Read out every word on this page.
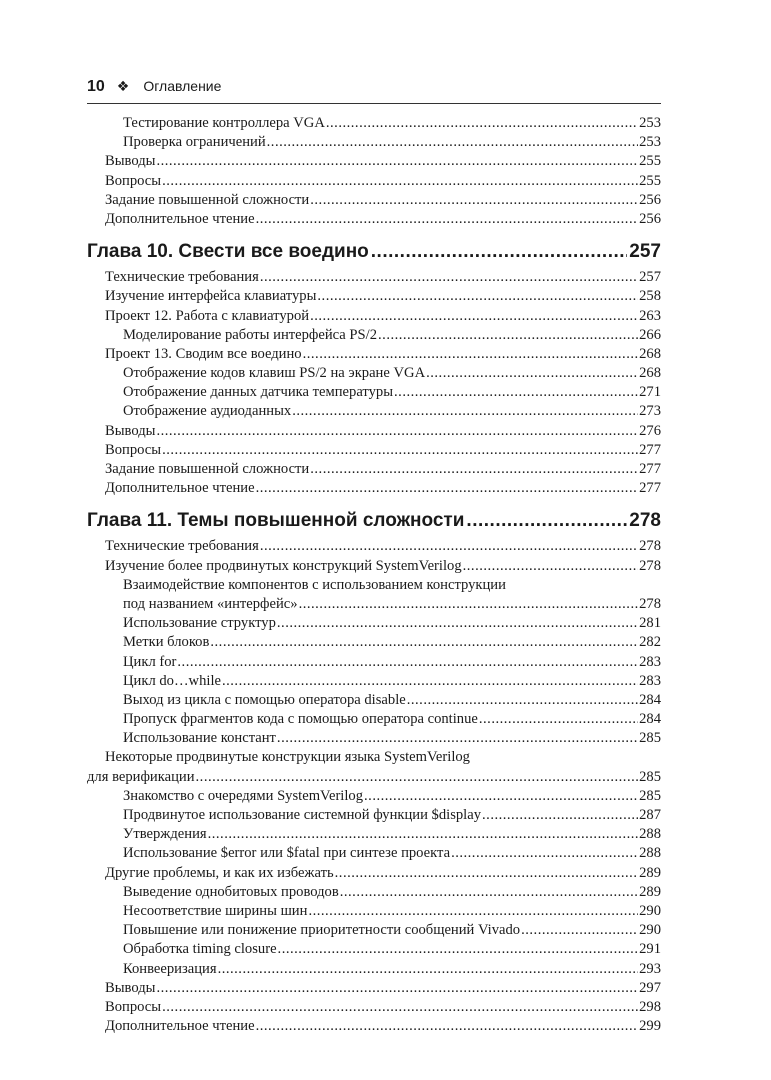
10 ❖ Оглавление
Тестирование контроллера VGA .....	253
Проверка ограничений .....	253
Выводы .....	255
Вопросы .....	255
Задание повышенной сложности .....	256
Дополнительное чтение .....	256
Глава 10. Свести все воедино .....	257
Технические требования .....	257
Изучение интерфейса клавиатуры .....	258
Проект 12. Работа с клавиатурой .....	263
Моделирование работы интерфейса PS/2 .....	266
Проект 13. Сводим все воедино .....	268
Отображение кодов клавиш PS/2 на экране VGA .....	268
Отображение данных датчика температуры .....	271
Отображение аудиоданных .....	273
Выводы .....	276
Вопросы .....	277
Задание повышенной сложности .....	277
Дополнительное чтение .....	277
Глава 11. Темы повышенной сложности .....	278
Технические требования .....	278
Изучение более продвинутых конструкций SystemVerilog .....	278
Взаимодействие компонентов с использованием конструкции
под названием «интерфейс» .....	278
Использование структур .....	281
Метки блоков .....	282
Цикл for .....	283
Цикл do…while .....	283
Выход из цикла с помощью оператора disable .....	284
Пропуск фрагментов кода с помощью оператора continue .....	284
Использование констант .....	285
Некоторые продвинутые конструкции языка SystemVerilog
для верификации .....	285
Знакомство с очередями SystemVerilog .....	285
Продвинутое использование системной функции $display .....	287
Утверждения .....	288
Использование $error или $fatal при синтезе проекта .....	288
Другие проблемы, и как их избежать .....	289
Выведение однобитовых проводов .....	289
Несоответствие ширины шин .....	290
Повышение или понижение приоритетности сообщений Vivado .....	290
Обработка timing closure .....	291
Конвееризация .....	293
Выводы .....	297
Вопросы .....	298
Дополнительное чтение .....	299
